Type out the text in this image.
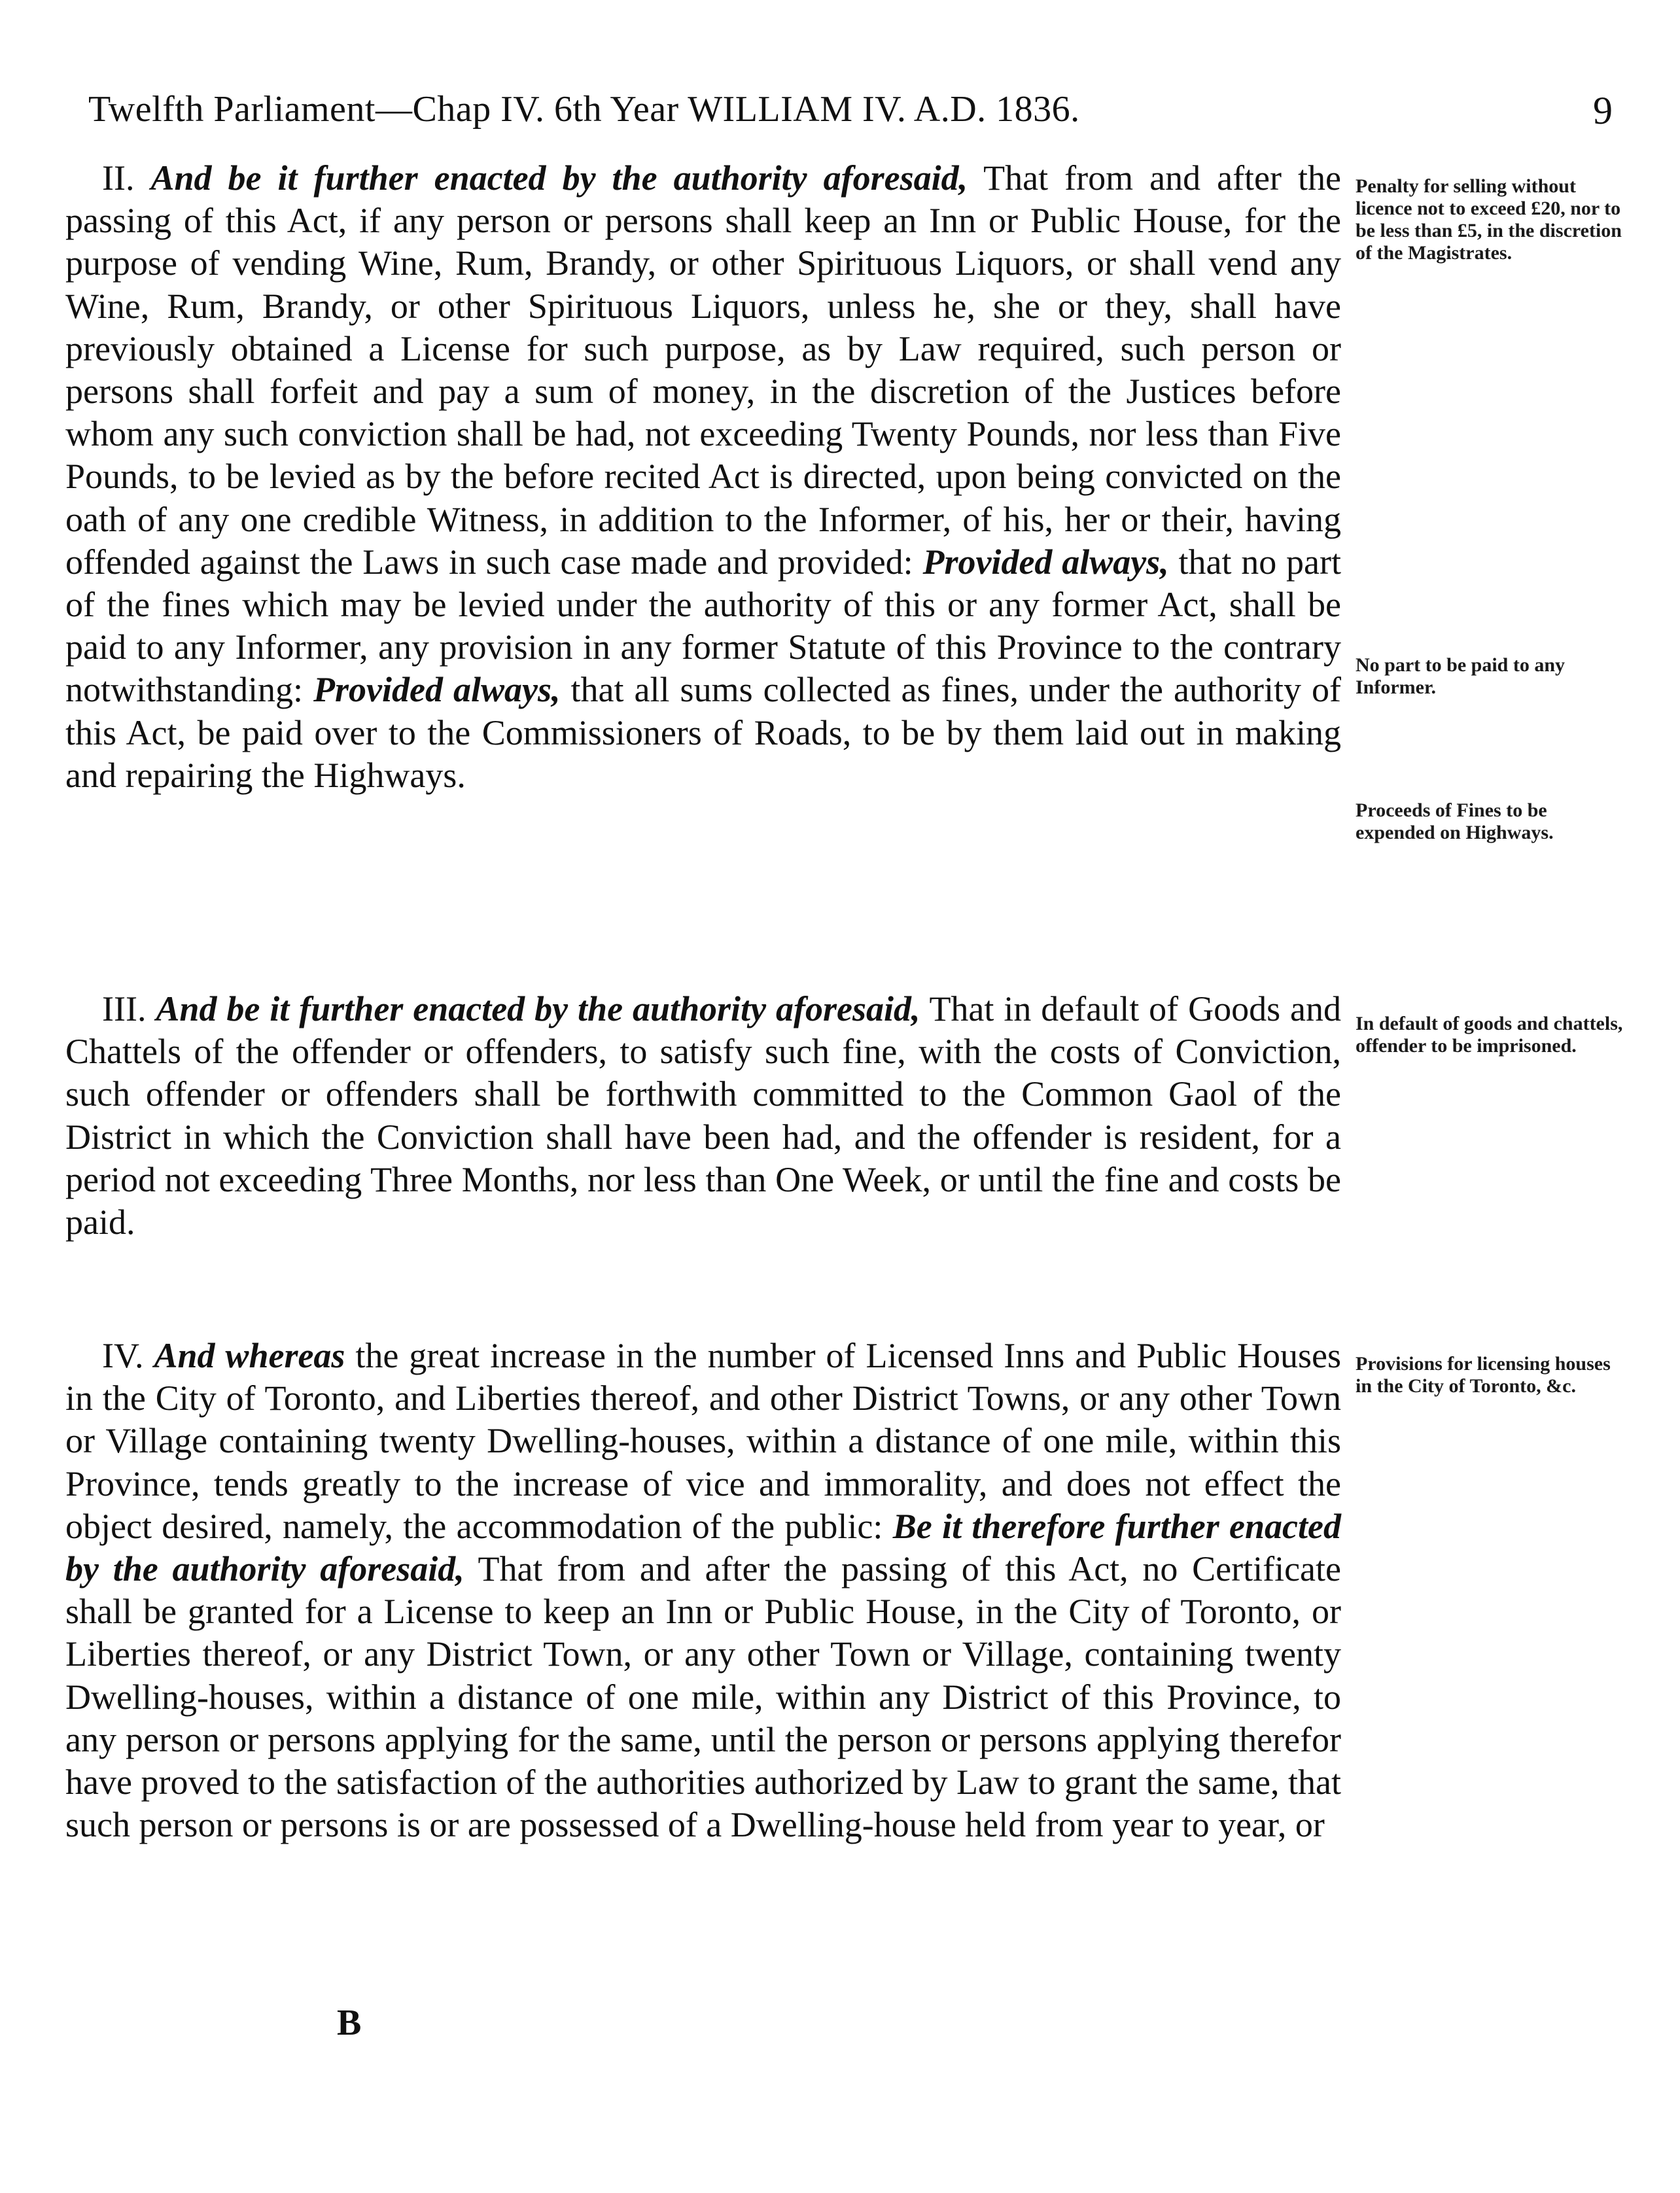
Twelfth Parliament—Chap IV. 6th Year WILLIAM IV. A.D. 1836.	9

II. And be it further enacted by the authority aforesaid, That from and after the passing of this Act, if any person or persons shall keep an Inn or Public House, for the purpose of vending Wine, Rum, Brandy, or other Spirituous Liquors, or shall vend any Wine, Rum, Brandy, or other Spirituous Liquors, unless he, she or they, shall have previously obtained a License for such purpose, as by Law required, such person or persons shall forfeit and pay a sum of money, in the discretion of the Justices before whom any such conviction shall be had, not exceeding Twenty Pounds, nor less than Five Pounds, to be levied as by the before recited Act is directed, upon being convicted on the oath of any one credible Witness, in addition to the Informer, of his, her or their, having offended against the Laws in such case made and provided: Provided always, that no part of the fines which may be levied under the authority of this or any former Act, shall be paid to any Informer, any provision in any former Statute of this Province to the contrary notwithstanding: Provided always, that all sums collected as fines, under the authority of this Act, be paid over to the Commissioners of Roads, to be by them laid out in making and repairing the Highways.

III. And be it further enacted by the authority aforesaid, That in default of Goods and Chattels of the offender or offenders, to satisfy such fine, with the costs of Conviction, such offender or offenders shall be forthwith committed to the Common Gaol of the District in which the Conviction shall have been had, and the offender is resident, for a period not exceeding Three Months, nor less than One Week, or until the fine and costs be paid.

IV. And whereas the great increase in the number of Licensed Inns and Public Houses in the City of Toronto, and Liberties thereof, and other District Towns, or any other Town or Village containing twenty Dwelling-houses, within a distance of one mile, within this Province, tends greatly to the increase of vice and immorality, and does not effect the object desired, namely, the accommodation of the public: Be it therefore further enacted by the authority aforesaid, That from and after the passing of this Act, no Certificate shall be granted for a License to keep an Inn or Public House, in the City of Toronto, or Liberties thereof, or any District Town, or any other Town or Village, containing twenty Dwelling-houses, within a distance of one mile, within any District of this Province, to any person or persons applying for the same, until the person or persons applying therefor have proved to the satisfaction of the authorities authorized by Law to grant the same, that such person or persons is or are possessed of a Dwelling-house held from year to year, or

Penalty for selling without licence not to exceed £20, nor to be less than £5, in the discretion of the Magistrates.
No part to be paid to any Informer.
Proceeds of Fines to be expended on Highways.
In default of goods and chattels, offender to be imprisoned.
Provisions for licensing houses in the City of Toronto, &c.
B
